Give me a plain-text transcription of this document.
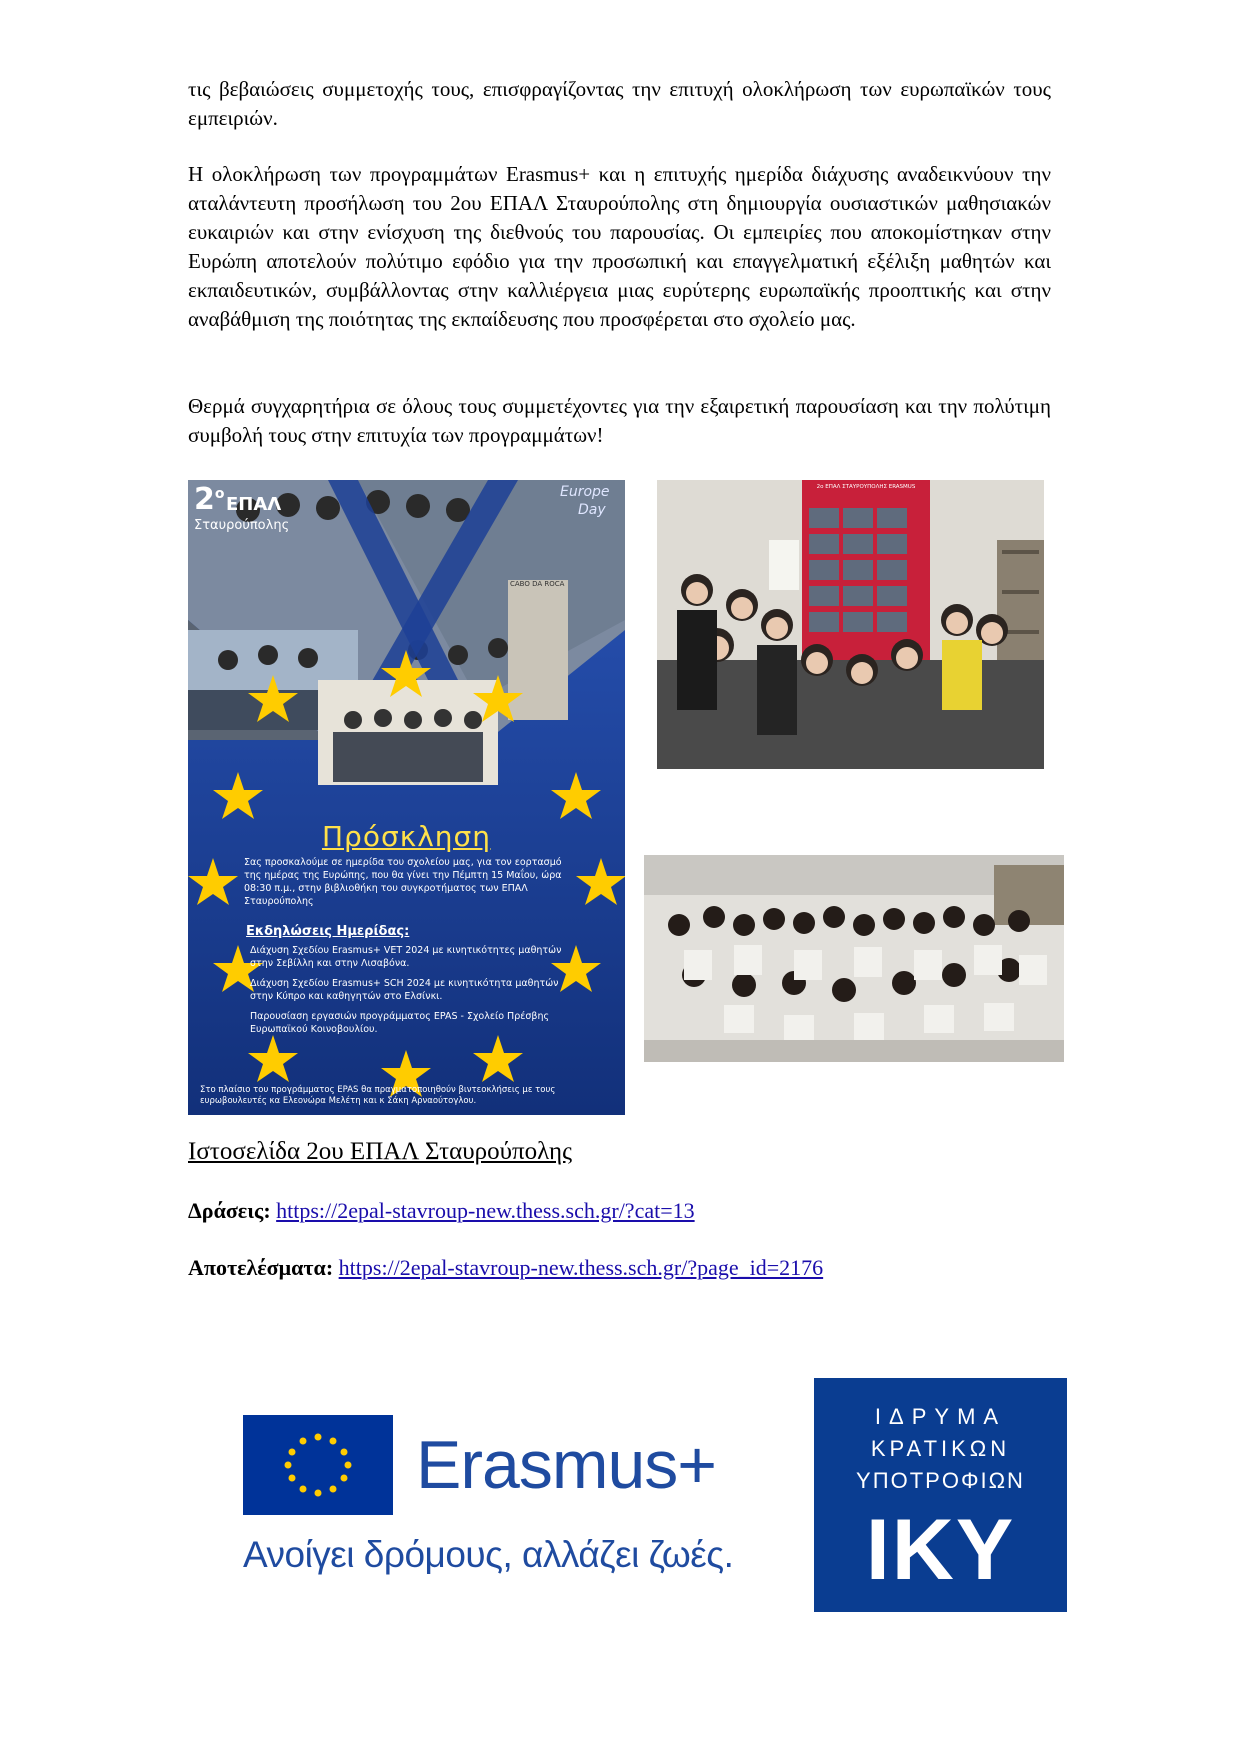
τις βεβαιώσεις συμμετοχής τους, επισφραγίζοντας την επιτυχή ολοκλήρωση των ευρωπαϊκών τους εμπειριών.

Η ολοκλήρωση των προγραμμάτων Erasmus+ και η επιτυχής ημερίδα διάχυσης αναδεικνύουν την αταλάντευτη προσήλωση του 2ου ΕΠΑΛ Σταυρούπολης στη δημιουργία ουσιαστικών μαθησιακών ευκαιριών και στην ενίσχυση της διεθνούς του παρουσίας. Οι εμπειρίες που αποκομίστηκαν στην Ευρώπη αποτελούν πολύτιμο εφόδιο για την προσωπική και επαγγελματική εξέλιξη μαθητών και εκπαιδευτικών, συμβάλλοντας στην καλλιέργεια μιας ευρύτερης ευρωπαϊκής προοπτικής και στην αναβάθμιση της ποιότητας της εκπαίδευσης που προσφέρεται στο σχολείο μας.

Θερμά συγχαρητήρια σε όλους τους συμμετέχοντες για την εξαιρετική παρουσίαση και την πολύτιμη συμβολή τους στην επιτυχία των προγραμμάτων!

$2^o$ ΕΠΑΛ
Σταυρούπολης
Europe
Day
CABO DA ROCA
Πρόσκληση
Σας προσκαλούμε σε ημερίδα του σχολείου μας, για τον εορτασμό της ημέρας της Ευρώπης, που θα γίνει την Πέμπτη 15 Μαΐου, ώρα 08:30 π.μ., στην βιβλιοθήκη του συγκροτήματος των ΕΠΑΛ Σταυρούπολης
Εκδηλώσεις Ημερίδας:
Διάχυση Σχεδίου Erasmus+ VET 2024 με κινητικότητες μαθητών στην Σεβίλλη και στην Λισαβόνα.
Διάχυση Σχεδίου Erasmus+ SCH 2024 με κινητικότητα μαθητών στην Κύπρο και καθηγητών στο Ελσίνκι.
Παρουσίαση εργασιών προγράμματος EPAS - Σχολείο Πρέσβης Ευρωπαϊκού Κοινοβουλίου.
Στο πλαίσιο του προγράμματος EPAS θα πραγματοποιηθούν βιντεοκλήσεις με τους ευρωβουλευτές κα Ελεονώρα Μελέτη και κ Σάκη Αρναούτογλου.
2ο ΕΠΑΛ ΣΤΑΥΡΟΥΠΟΛΗΣ ERASMUS
Ιστοσελίδα 2ου ΕΠΑΛ Σταυρούπολης
Δράσεις: https://2epal-stavroup-new.thess.sch.gr/?cat=13
Αποτελέσματα: https://2epal-stavroup-new.thess.sch.gr/?page_id=2176
Erasmus+
Ανοίγει δρόμους, αλλάζει ζωές.
ΙΔΡΥΜΑ
ΚΡΑΤΙΚΩΝ
ΥΠΟΤΡΟΦΙΩΝ
IKY
